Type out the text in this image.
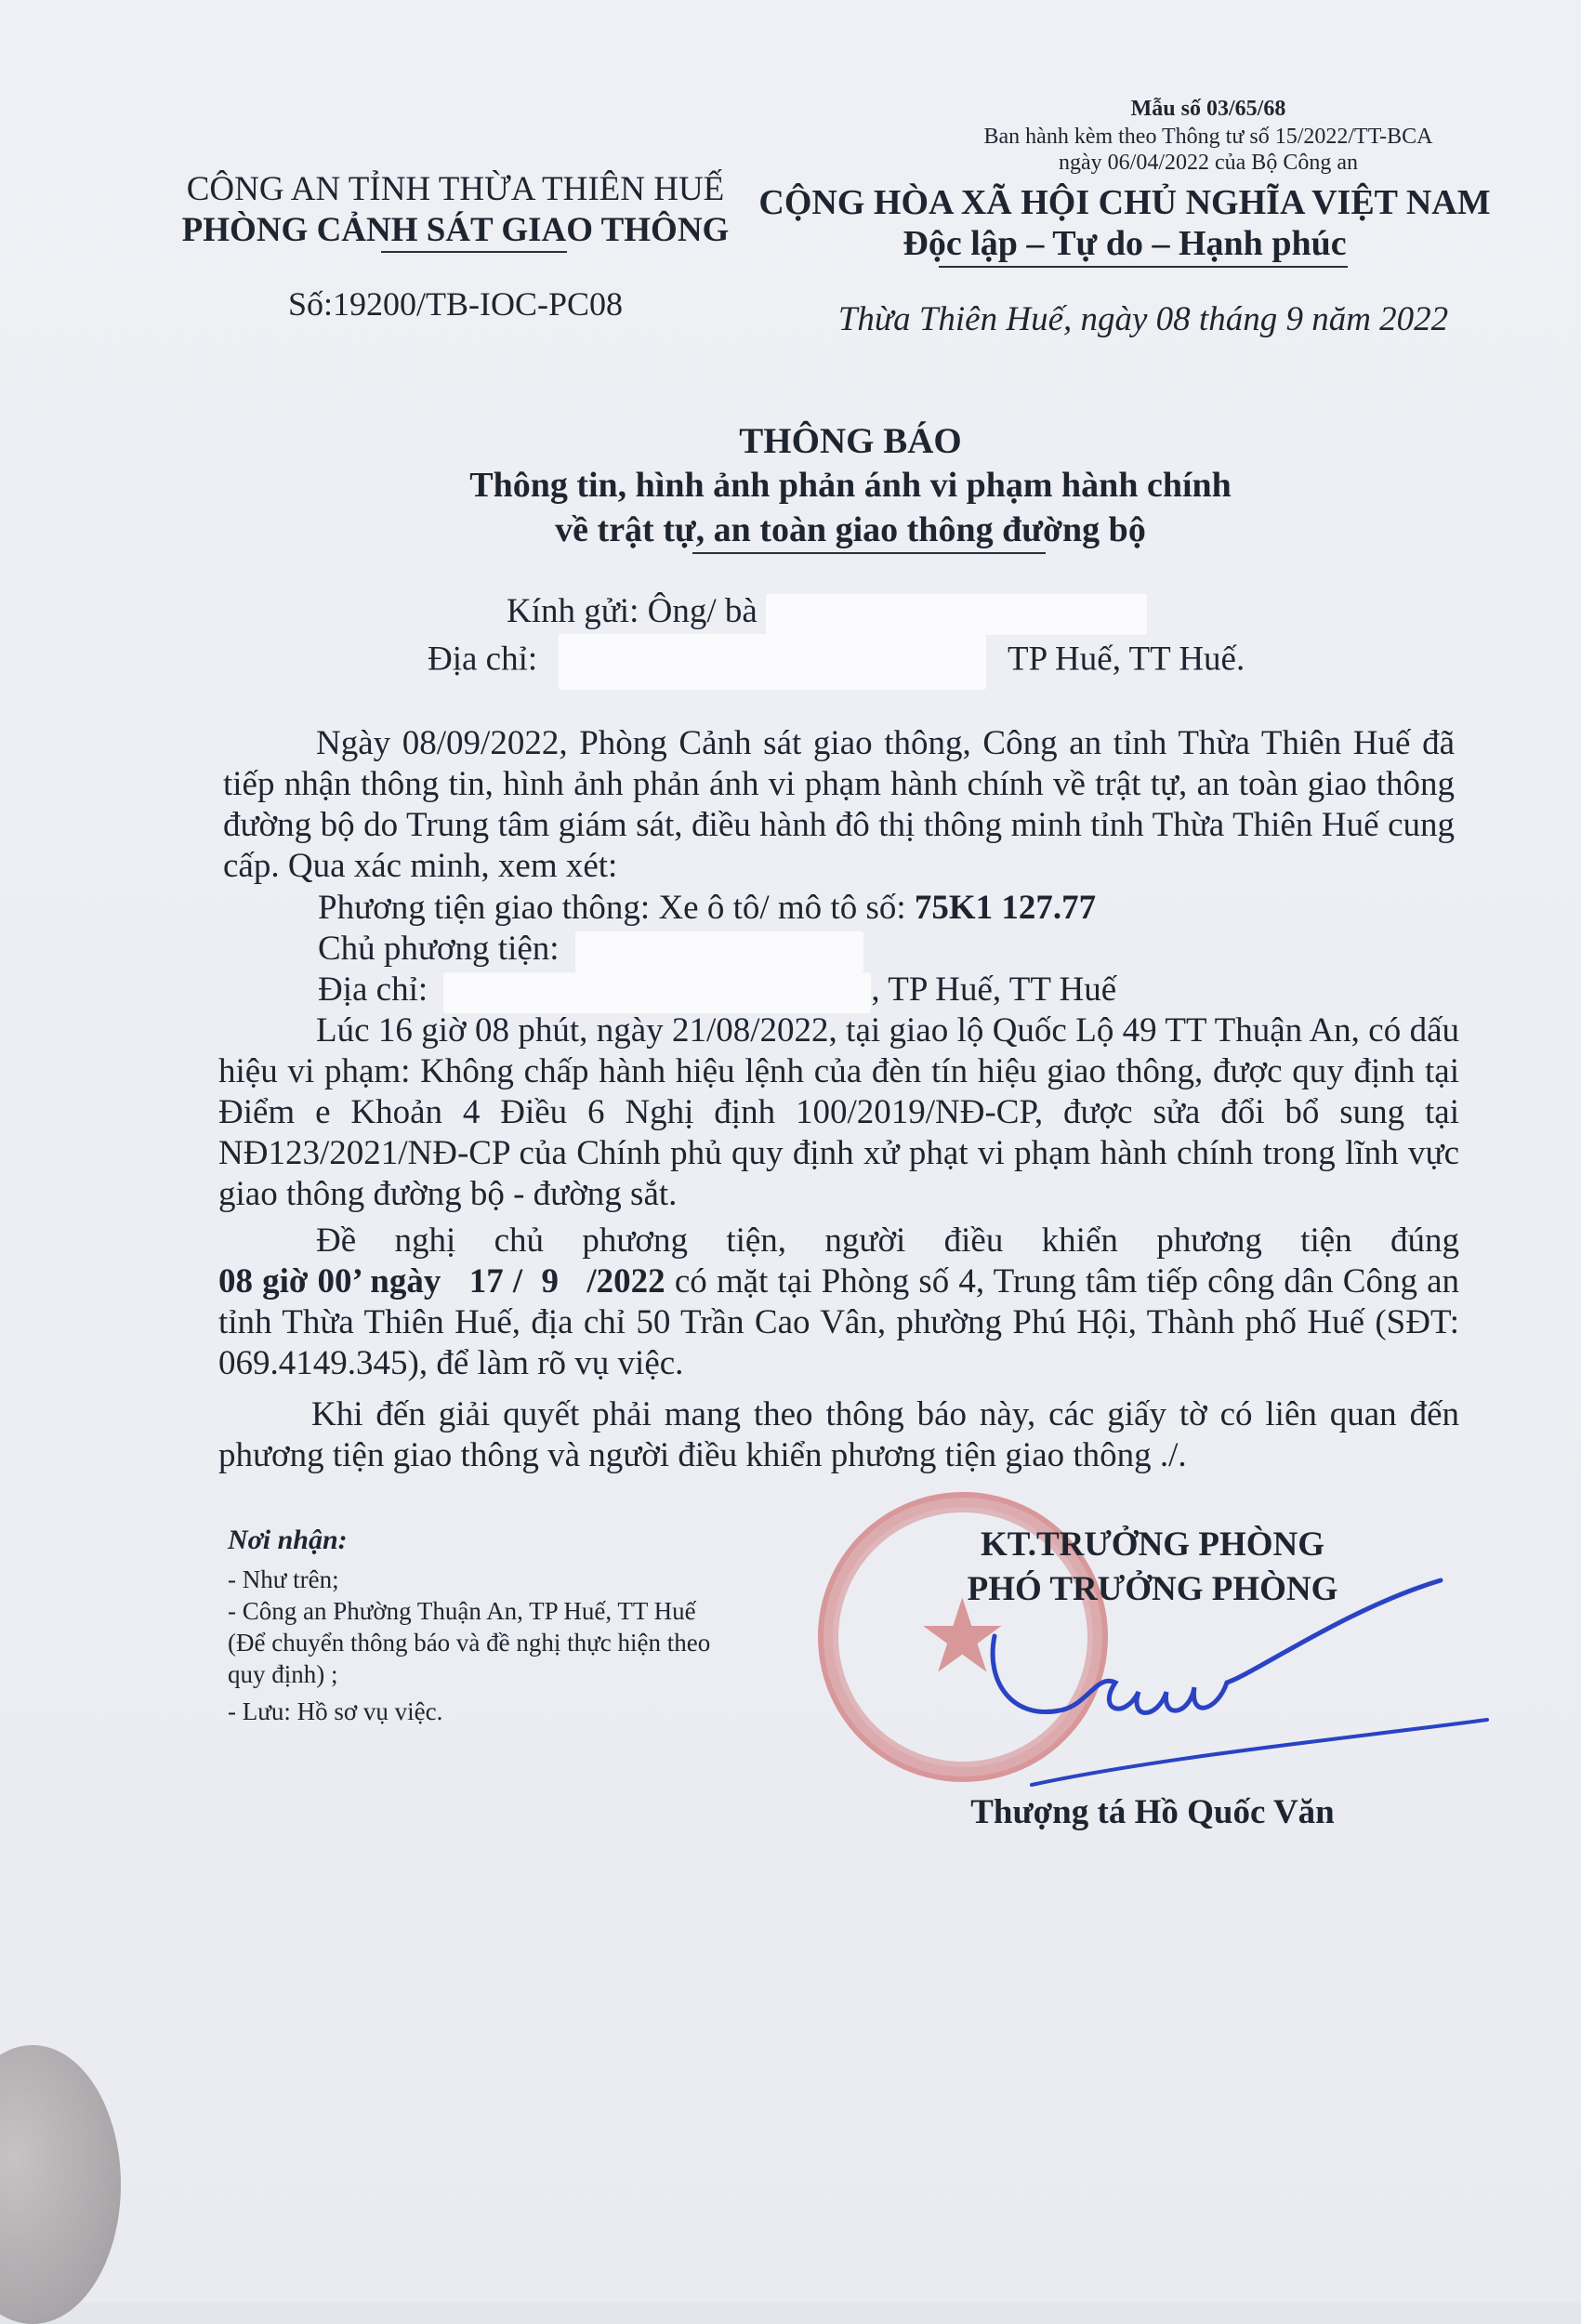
Mẫu số 03/65/68
Ban hành kèm theo Thông tư số 15/2022/TT-BCA
ngày 06/04/2022 của Bộ Công an
CÔNG AN TỈNH THỪA THIÊN HUẾ
PHÒNG CẢNH SÁT GIAO THÔNG
Số:19200/TB-IOC-PC08
CỘNG HÒA XÃ HỘI CHỦ NGHĨA VIỆT NAM
Độc lập – Tự do – Hạnh phúc
Thừa Thiên Huế, ngày 08 tháng 9 năm 2022
THÔNG BÁO
Thông tin, hình ảnh phản ánh vi phạm hành chính
về trật tự, an toàn giao thông đường bộ
Kính gửi: Ông/ bà
Địa chỉ:	TP Huế, TT Huế.
Ngày 08/09/2022, Phòng Cảnh sát giao thông, Công an tỉnh Thừa Thiên Huế đã tiếp nhận thông tin, hình ảnh phản ánh vi phạm hành chính về trật tự, an toàn giao thông đường bộ do Trung tâm giám sát, điều hành đô thị thông minh tỉnh Thừa Thiên Huế cung cấp. Qua xác minh, xem xét:
Phương tiện giao thông: Xe ô tô/ mô tô số: 75K1 127.77
Chủ phương tiện:
Địa chỉ:	, TP Huế, TT Huế
Lúc 16 giờ 08 phút, ngày 21/08/2022, tại giao lộ Quốc Lộ 49 TT Thuận An, có dấu hiệu vi phạm: Không chấp hành hiệu lệnh của đèn tín hiệu giao thông, được quy định tại Điểm e Khoản 4 Điều 6 Nghị định 100/2019/NĐ-CP, được sửa đổi bổ sung tại NĐ123/2021/NĐ-CP của Chính phủ quy định xử phạt vi phạm hành chính trong lĩnh vực giao thông đường bộ - đường sắt.
Đề nghị chủ phương tiện, người điều khiển phương tiện đúng 08 giờ 00’ ngày   17 /  9   /2022 có mặt tại Phòng số 4, Trung tâm tiếp công dân Công an tỉnh Thừa Thiên Huế, địa chỉ 50 Trần Cao Vân, phường Phú Hội, Thành phố Huế (SĐT: 069.4149.345), để làm rõ vụ việc.
Khi đến giải quyết phải mang theo thông báo này, các giấy tờ có liên quan đến phương tiện giao thông và người điều khiển phương tiện giao thông ./.
Nơi nhận:
- Như trên;
- Công an Phường Thuận An, TP Huế, TT Huế
(Để chuyển thông báo và đề nghị thực hiện theo
quy định) ;
- Lưu: Hồ sơ vụ việc.
★
KT.TRƯỞNG PHÒNG
PHÓ TRƯỞNG PHÒNG
Thượng tá Hồ Quốc Văn
